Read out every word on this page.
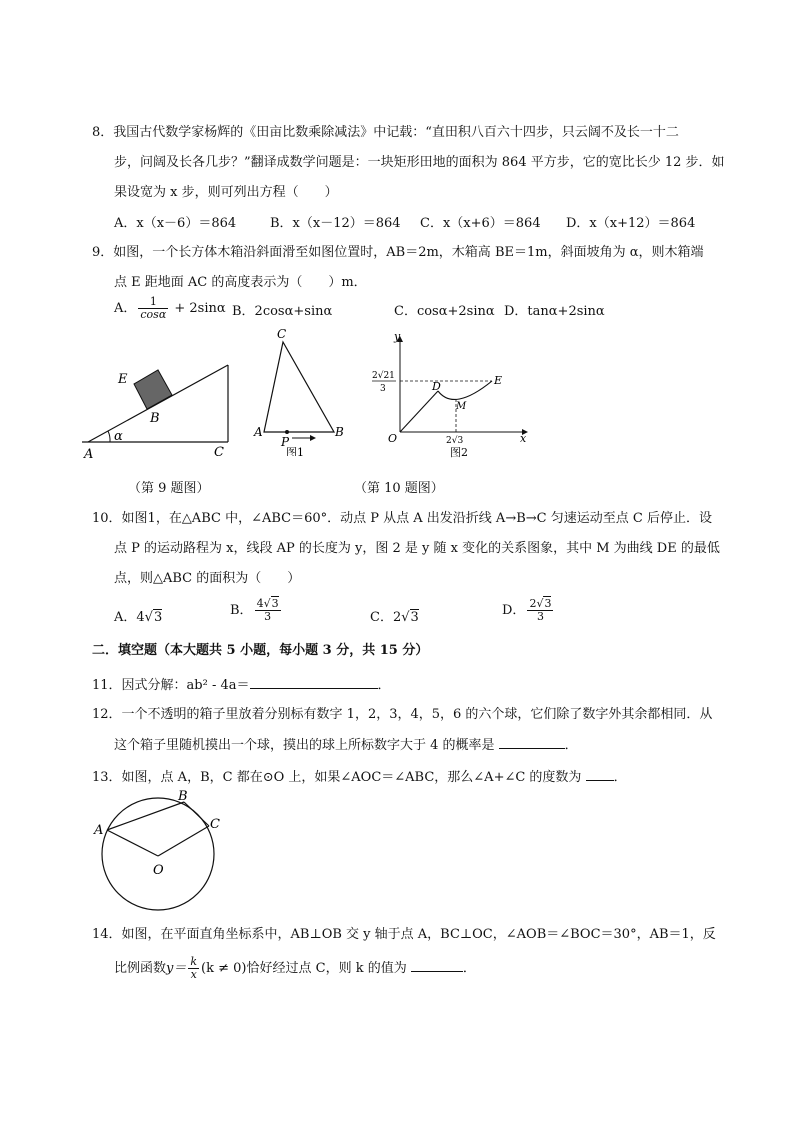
8．我国古代数学家杨辉的《田亩比数乘除减法》中记载：“直田积八百六十四步，只云阔不及长一十二
步，问阔及长各几步？”翻译成数学问题是：一块矩形田地的面积为 864 平方步，它的宽比长少 12 步．如
果设宽为 x 步，则可列出方程（　　）
A．x（x－6）＝864	B．x（x－12）＝864 C．x（x+6）＝864 D．x（x+12）＝864
9．如图，一个长方体木箱沿斜面滑至如图位置时，AB＝2m，木箱高 BE＝1m，斜面坡角为 α，则木箱端
点 E 距地面 AC 的高度表示为（　　）m．
A． $\frac{1}{\cos\alpha} + 2\sin\alpha$ B．2cosα+sinα	C．cosα+2sinα D．tanα+2sinα
A
B
C
E
α
（第 9 题图）
C
A	B
P
图1
y
x
O
D	E
M
2√21
3
2√3
图2
（第 10 题图）
10．如图1，在△ABC 中，∠ABC＝60°．动点 P 从点 A 出发沿折线 A→B→C 匀速运动至点 C 后停止．设
点 P 的运动路程为 x，线段 AP 的长度为 y，图 2 是 y 随 x 变化的关系图象，其中 M 为曲线 DE 的最低
点，则△ABC 的面积为（　　）
A．4√3	B． $\frac{4√3}{3}$	C．2√3	D． $\frac{2√3}{3}$
二．填空题（本大题共 5 小题，每小题 3 分，共 15 分）
11．因式分解：ab² - 4a＝	．
12．一个不透明的箱子里放着分别标有数字 1，2，3，4，5，6 的六个球，它们除了数字外其余都相同．从
这个箱子里随机摸出一个球，摸出的球上所标数字大于 4 的概率是	．
13．如图，点 A，B，C 都在⊙O 上，如果∠AOC＝∠ABC，那么∠A+∠C 的度数为 ．
A
B
C
O
14．如图，在平面直角坐标系中，AB⊥OB 交 y 轴于点 A，BC⊥OC，∠AOB＝∠BOC＝30°，AB＝1，反
比例函数$y= \frac{k}{x} (k \ne 0)$恰好经过点 C，则 k 的值为	．
